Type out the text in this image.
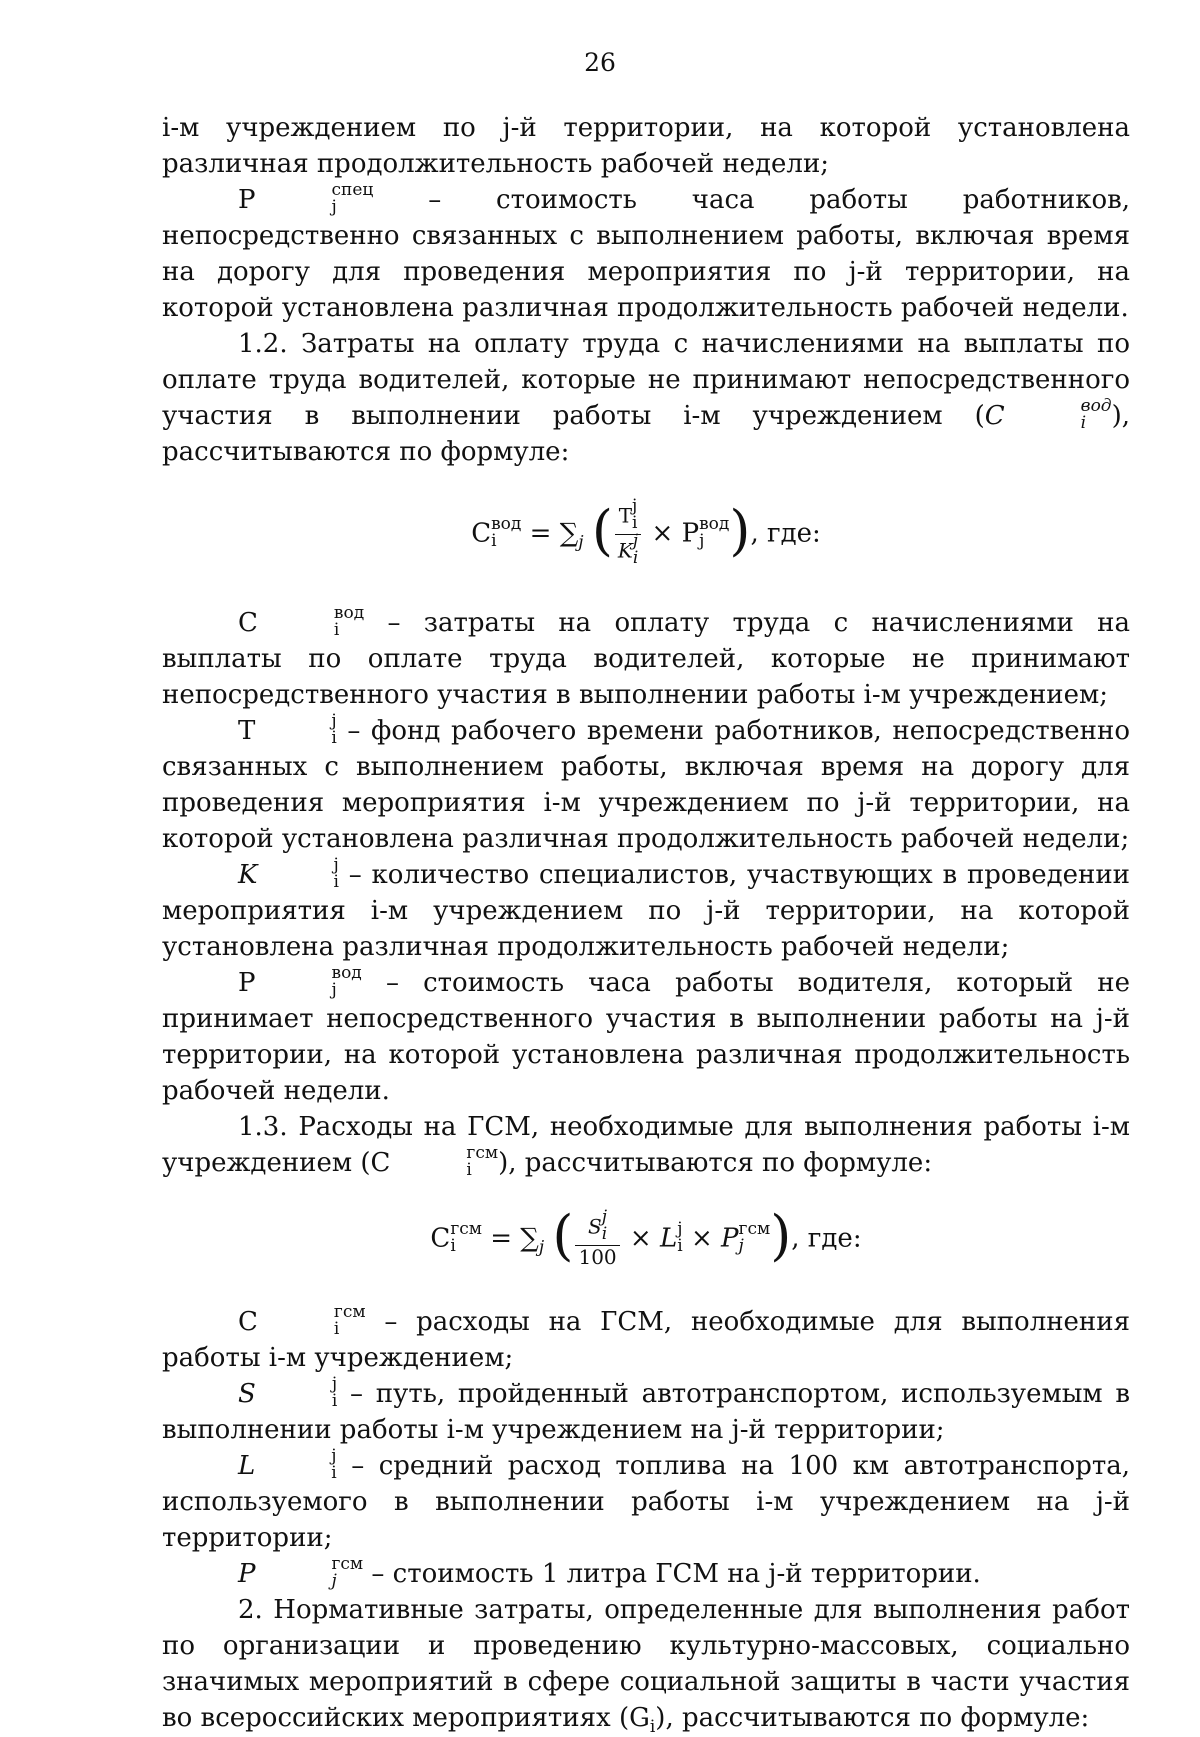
26

i-м учреждением по j-й территории, на которой установлена различная продолжительность рабочей недели;

P	спец
j	– стоимость часа работы работников, непосредственно связанных с выполнением работы, включая время на дорогу для проведения мероприятия по j-й территории, на которой установлена различная продолжительность рабочей недели.

1.2. Затраты на оплату труда с начислениями на выплаты по оплате труда водителей, которые не принимают непосредственного участия в выполнении работы i-м учреждением (C	вод
i ), рассчитываются по формуле:

C вод
$i = \sum_j$ ( T j
i
K j
i × P вод
j ), где:

C	вод
i – затраты на оплату труда с начислениями на выплаты по оплате труда водителей, которые не принимают непосредственного участия в выполнении работы i-м учреждением;

T	j
i – фонд рабочего времени работников, непосредственно связанных с выполнением работы, включая время на дорогу для проведения мероприятия i-м учреждением по j-й территории, на которой установлена различная продолжительность рабочей недели;

K	j
i – количество специалистов, участвующих в проведении мероприятия i-м учреждением по j-й территории, на которой установлена различная продолжительность рабочей недели;

P	вод
j – стоимость часа работы водителя, который не принимает непосредственного участия в выполнении работы на j-й территории, на которой установлена различная продолжительность рабочей недели.

1.3. Расходы на ГСМ, необходимые для выполнения работы i-м учреждением (C	гсм
i	), рассчитываются по формуле:

C гсм
i	= $\sum_j$ ( S j
i
100 × L j
i × P гсм
j ), где:

C	гсм
i	– расходы на ГСМ, необходимые для выполнения работы i-м учреждением;

S	j
i – путь, пройденный автотранспортом, используемым в выполнении работы i-м учреждением на j-й территории;

L	j
i – средний расход топлива на 100 км автотранспорта, используемого в выполнении работы i-м учреждением на j-й территории;

P	гсм
j	– стоимость 1 литра ГСМ на j-й территории.

2. Нормативные затраты, определенные для выполнения работ по организации и проведению культурно-массовых, социально значимых мероприятий в сфере социальной защиты в части участия во всероссийских мероприятиях $(G_i)$, рассчитываются по формуле:
